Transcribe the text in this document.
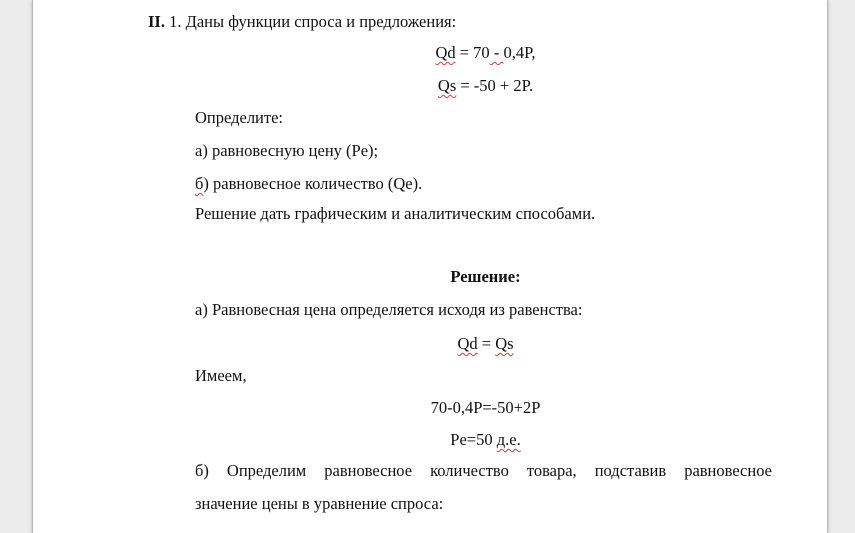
II. 1. Даны функции спроса и предложения:
Qd = 70 - 0,4P,
Qs = -50 + 2P.
Определите:
а) равновесную цену (Pe);
б) равновесное количество (Qe).
Решение дать графическим и аналитическим способами.
Решение:
а) Равновесная цена определяется исходя из равенства:
Qd = Qs
Имеем,
70-0,4P=-50+2P
Pe=50 д.е.
б) Определим равновесное количество товара, подставив равновесное
значение цены в уравнение спроса:
